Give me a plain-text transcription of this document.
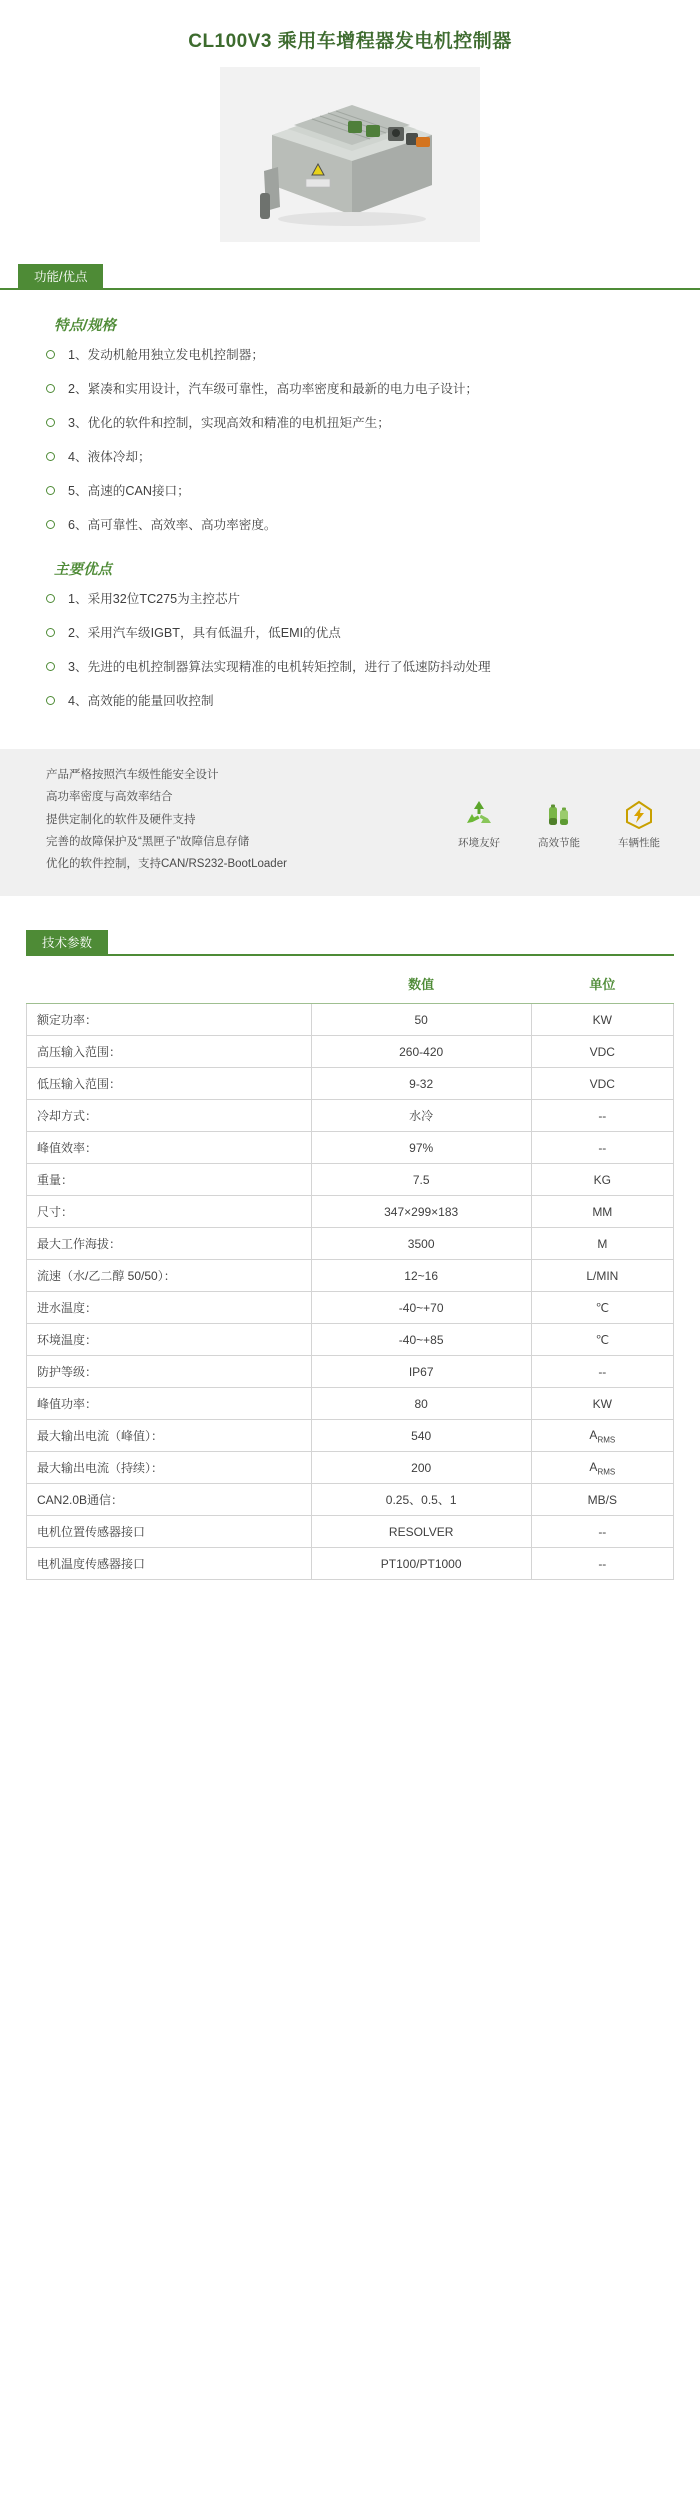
CL100V3 乘用车增程器发电机控制器
功能/优点
特点/规格
1、发动机舱用独立发电机控制器；
2、紧凑和实用设计，汽车级可靠性，高功率密度和最新的电力电子设计；
3、优化的软件和控制，实现高效和精准的电机扭矩产生；
4、液体冷却；
5、高速的CAN接口；
6、高可靠性、高效率、高功率密度。
主要优点
1、采用32位TC275为主控芯片
2、采用汽车级IGBT，具有低温升，低EMI的优点
3、先进的电机控制器算法实现精准的电机转矩控制，进行了低速防抖动处理
4、高效能的能量回收控制

产品严格按照汽车级性能安全设计

高功率密度与高效率结合

提供定制化的软件及硬件支持

完善的故障保护及“黑匣子”故障信息存储

优化的软件控制，支持CAN/RS232-BootLoader

环境友好	高效节能	车辆性能
技术参数
	数值	单位
额定功率：	50	KW
高压输入范围：	260-420	VDC
低压输入范围：	9-32	VDC
冷却方式：	水冷	--
峰值效率：	97%	--
重量：	7.5	KG
尺寸：	347×299×183	MM
最大工作海拔：	3500	M
流速（水/乙二醇 50/50）：	12~16	L/MIN
进水温度：	-40~+70	℃
环境温度：	-40~+85	℃
防护等级：	IP67	--
峰值功率：	80	KW
最大输出电流（峰值）：	540	$A_{RMS}$
最大输出电流（持续）：	200	$A_{RMS}$
CAN2.0B通信：	0.25、0.5、1	MB/S
电机位置传感器接口	RESOLVER	--
电机温度传感器接口	PT100/PT1000	--
